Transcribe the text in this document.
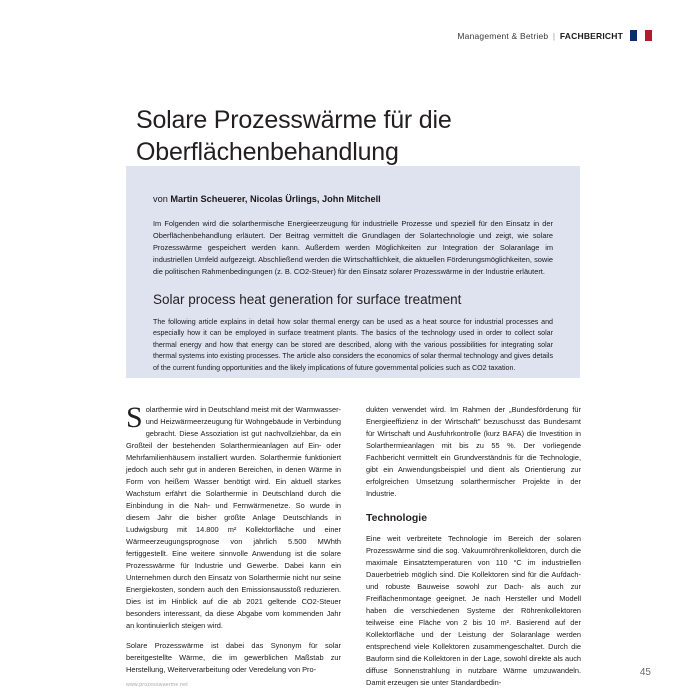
Management & Betrieb | FACHBERICHT
Solare Prozesswärme für die
Oberflächenbehandlung
von Martin Scheuerer, Nicolas Ürlings, John Mitchell
Im Folgenden wird die solarthermische Energieerzeugung für industrielle Prozesse und speziell für den Einsatz in der Oberflächenbehandlung erläutert. Der Beitrag vermittelt die Grundlagen der Solartechnologie und zeigt, wie solare Prozesswärme gespeichert werden kann. Außerdem werden Möglichkeiten zur Integration der Solaranlage im industriellen Umfeld aufgezeigt. Abschließend werden die Wirtschaftlichkeit, die aktuellen Förderungsmöglichkeiten, sowie die politischen Rahmenbedingungen (z. B. CO2-Steuer) für den Einsatz solarer Prozesswärme in der Industrie erläutert.
Solar process heat generation for surface treatment
The following article explains in detail how solar thermal energy can be used as a heat source for industrial processes and especially how it can be employed in surface treatment plants. The basics of the technology used in order to collect solar thermal energy and how that energy can be stored are described, along with the various possibilities for integrating solar thermal systems into existing processes. The article also considers the economics of solar thermal technology and gives details of the current funding opportunities and the likely implications of future governmental policies such as CO2 taxation.

Solarthermie wird in Deutschland meist mit der Warmwasser- und Heizwärmeerzeugung für Wohngebäude in Verbindung gebracht. Diese Assoziation ist gut nachvollziehbar, da ein Großteil der bestehenden Solarthermieanlagen auf Ein- oder Mehrfamilienhäusern installiert wurden. Solarthermie funktioniert jedoch auch sehr gut in anderen Bereichen, in denen Wärme in Form von heißem Wasser benötigt wird. Ein aktuell starkes Wachstum erfährt die Solarthermie in Deutschland durch die Einbindung in die Nah- und Fernwärmenetze. So wurde in diesem Jahr die bisher größte Anlage Deutschlands in Ludwigsburg mit 14.800 m² Kollektorfläche und einer Wärmeerzeugungsprognose von jährlich 5.500 MWhth fertiggestellt. Eine weitere sinnvolle Anwendung ist die solare Prozesswärme für Industrie und Gewerbe. Dabei kann ein Unternehmen durch den Einsatz von Solarthermie nicht nur seine Energiekosten, sondern auch den Emissionsausstoß reduzieren. Dies ist im Hinblick auf die ab 2021 geltende CO2-Steuer besonders interessant, da diese Abgabe vom kommenden Jahr an kontinuierlich steigen wird.

Solare Prozesswärme ist dabei das Synonym für solar bereitgestellte Wärme, die im gewerblichen Maßstab zur Herstellung, Weiterverarbeitung oder Veredelung von Pro-

dukten verwendet wird. Im Rahmen der „Bundesförderung für Energieeffizienz in der Wirtschaft" bezuschusst das Bundesamt für Wirtschaft und Ausfuhrkontrolle (kurz BAFA) die Investition in Solarthermieanlagen mit bis zu 55 %. Der vorliegende Fachbericht vermittelt ein Grundverständnis für die Technologie, gibt ein Anwendungsbeispiel und dient als Orientierung zur erfolgreichen Umsetzung solarthermischer Projekte in der Industrie.

Technologie

Eine weit verbreitete Technologie im Bereich der solaren Prozesswärme sind die sog. Vakuumröhrenkollektoren, durch die maximale Einsatztemperaturen von 110 °C im industriellen Dauerbetrieb möglich sind. Die Kollektoren sind für die Aufdach- und robuste Bauweise sowohl zur Dach- als auch zur Freiflächenmontage geeignet. Je nach Hersteller und Modell haben die verschiedenen Systeme der Röhrenkollektoren teilweise eine Fläche von 2 bis 10 m². Basierend auf der Kollektorfläche und der Leistung der Solaranlage werden entsprechend viele Kollektoren zusammengeschaltet. Durch die Bauform sind die Kollektoren in der Lage, sowohl direkte als auch diffuse Sonnenstrahlung in nutzbare Wärme umzuwandeln. Damit erzeugen sie unter Standardbedin-

www.prozesswaerme.net
45
